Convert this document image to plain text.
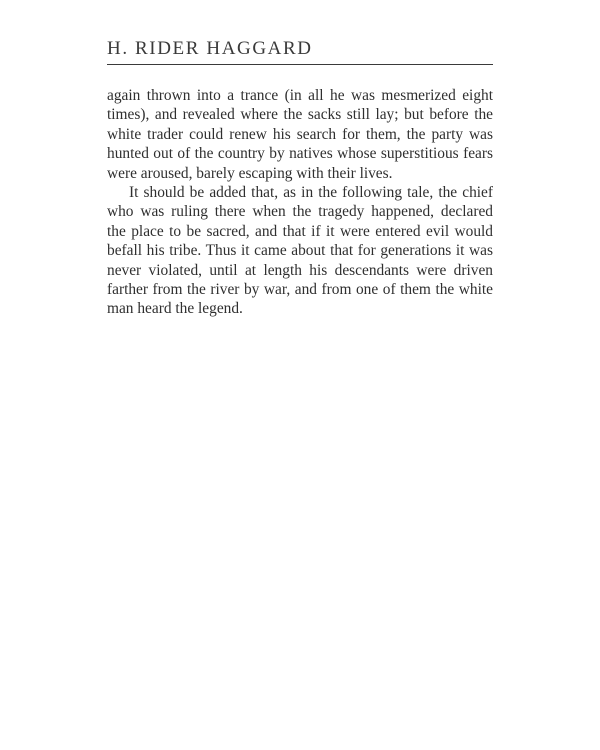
H. RIDER HAGGARD
again thrown into a trance (in all he was mesmerized eight
times), and revealed where the sacks still lay; but before the
white trader could renew his search for them, the party was
hunted out of the country by natives whose superstitious fears
were aroused, barely escaping with their lives.
It should be added that, as in the following tale, the chief
who was ruling there when the tragedy happened, declared
the place to be sacred, and that if it were entered evil would
befall his tribe. Thus it came about that for generations it was
never violated, until at length his descendants were driven
farther from the river by war, and from one of them the white
man heard the legend.
